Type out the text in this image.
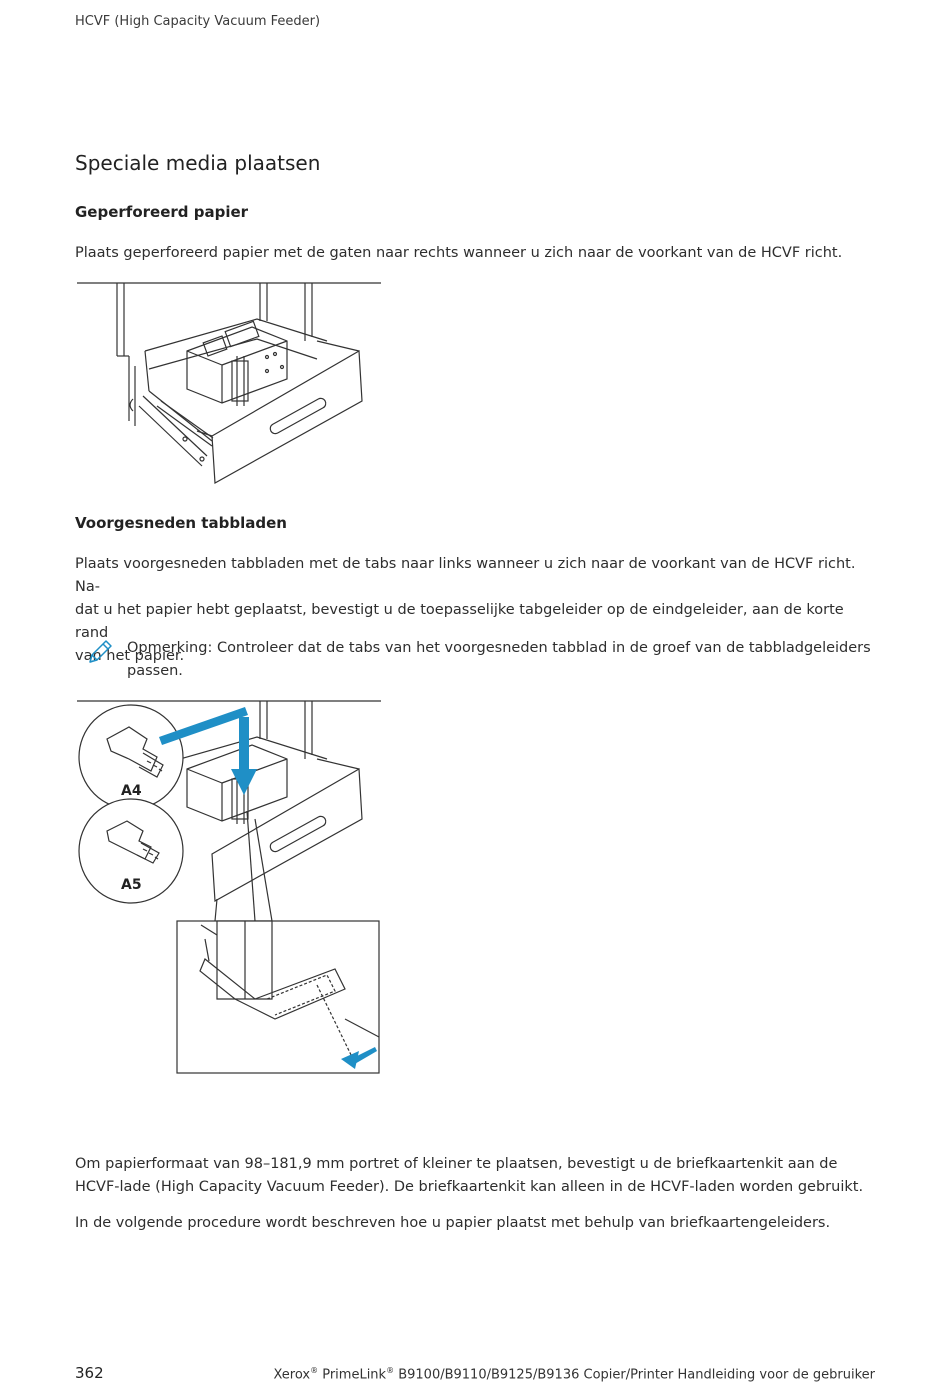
HCVF (High Capacity Vacuum Feeder)
Speciale media plaatsen
Geperforeerd papier

Plaats geperforeerd papier met de gaten naar rechts wanneer u zich naar de voorkant van de HCVF richt.

Voorgesneden tabbladen

Plaats voorgesneden tabbladen met de tabs naar links wanneer u zich naar de voorkant van de HCVF richt. Na-
dat u het papier hebt geplaatst, bevestigt u de toepasselijke tabgeleider op de eindgeleider, aan de korte rand
van het papier.

Opmerking: Controleer dat de tabs van het voorgesneden tabblad in de groef van de tabbladgeleiders
passen.

A4
A5

Om papierformaat van 98–181,9 mm portret of kleiner te plaatsen, bevestigt u de briefkaartenkit aan de
HCVF-lade (High Capacity Vacuum Feeder). De briefkaartenkit kan alleen in de HCVF-laden worden gebruikt.

In de volgende procedure wordt beschreven hoe u papier plaatst met behulp van briefkaartengeleiders.

362	Xerox® PrimeLink® B9100/B9110/B9125/B9136 Copier/Printer Handleiding voor de gebruiker
